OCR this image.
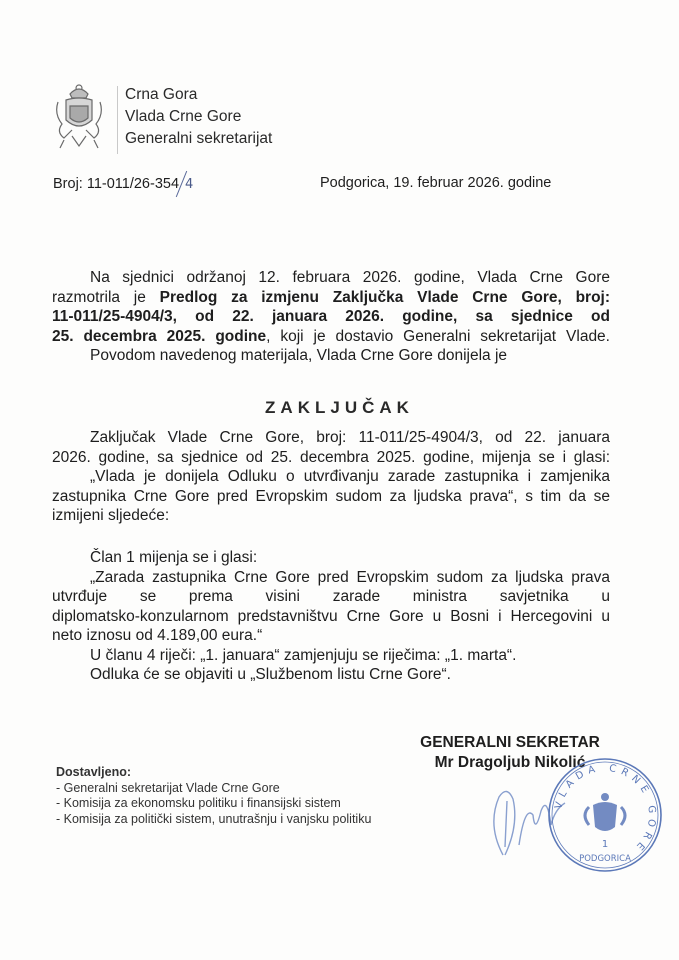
Crna Gora
Vlada Crne Gore
Generalni sekretarijat
Broj: 11-011/26-354 4	Podgorica, 19. februar 2026. godine
Na sjednici održanoj 12. februara 2026. godine, Vlada Crne Gore
razmotrila je Predlog za izmjenu Zaključka Vlade Crne Gore, broj:
11-011/25-4904/3, od 22. januara 2026. godine, sa sjednice od
25. decembra 2025. godine, koji je dostavio Generalni sekretarijat Vlade.
Povodom navedenog materijala, Vlada Crne Gore donijela je
ZAKLJUČAK
Zaključak Vlade Crne Gore, broj: 11-011/25-4904/3, od 22. januara
2026. godine, sa sjednice od 25. decembra 2025. godine, mijenja se i glasi:
„Vlada je donijela Odluku o utvrđivanju zarade zastupnika i zamjenika
zastupnika Crne Gore pred Evropskim sudom za ljudska prava“, s tim da se
izmijeni sljedeće:
Član 1 mijenja se i glasi:
„Zarada zastupnika Crne Gore pred Evropskim sudom za ljudska prava
utvrđuje se prema visini zarade ministra savjetnika u
diplomatsko-konzularnom predstavništvu Crne Gore u Bosni i Hercegovini u
neto iznosu od 4.189,00 eura.“
U članu 4 riječi: „1. januara“ zamjenjuju se riječima: „1. marta“.
Odluka će se objaviti u „Službenom listu Crne Gore“.
GENERALNI SEKRETAR
Mr Dragoljub Nikolić
VLADA CRNE GORE
1
PODGORICA
Dostavljeno:
- Generalni sekretarijat Vlade Crne Gore
- Komisija za ekonomsku politiku i finansijski sistem
- Komisija za politički sistem, unutrašnju i vanjsku politiku
